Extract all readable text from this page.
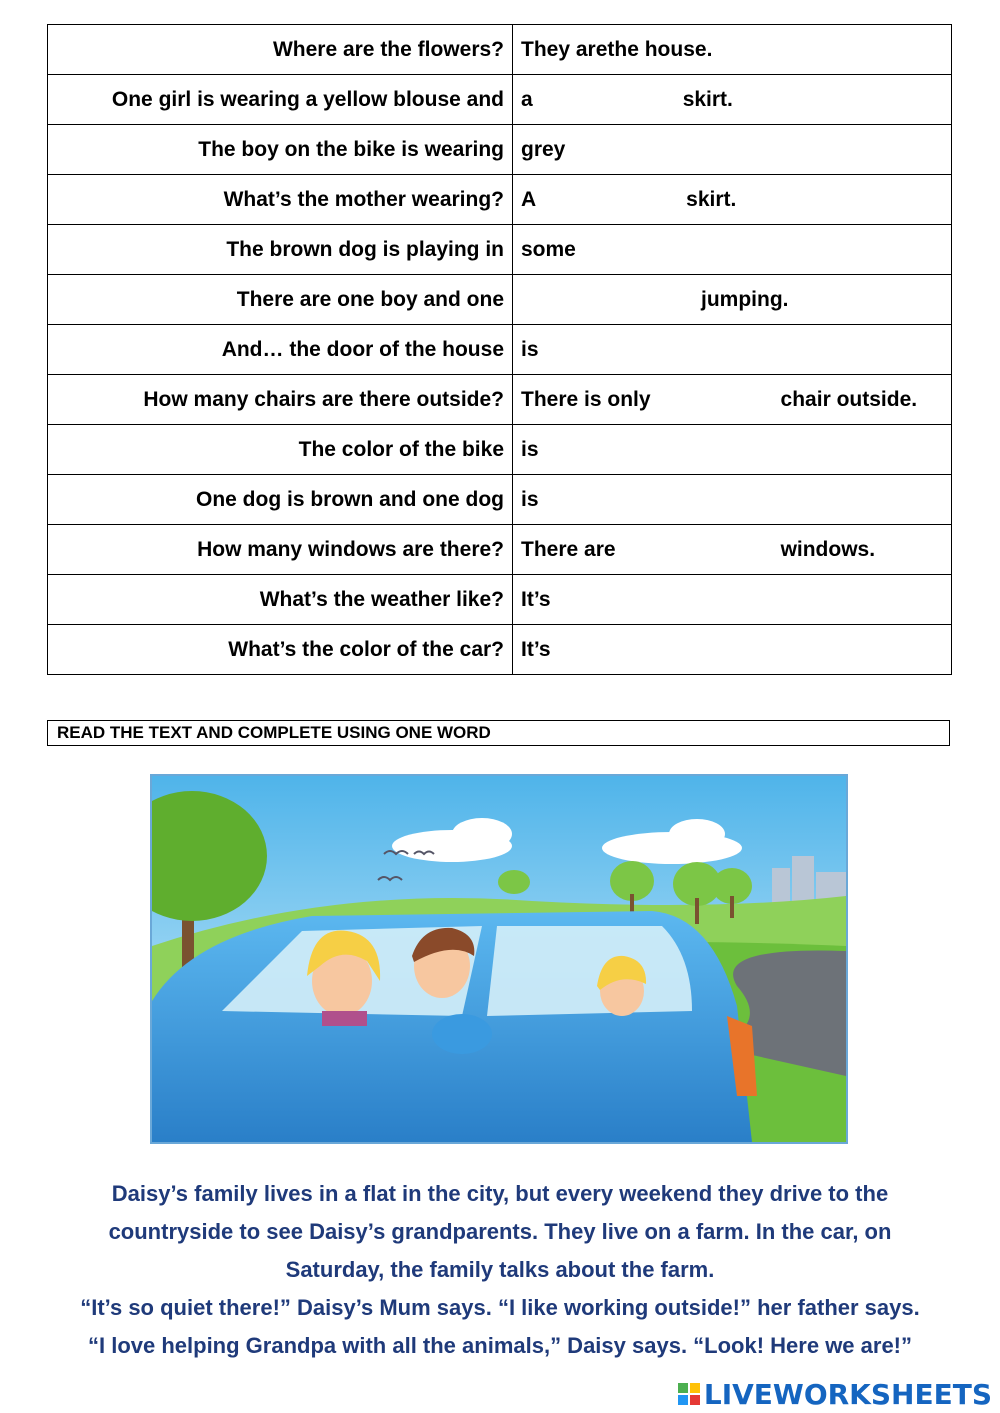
Where are the flowers?	They arethe house.
One girl is wearing a yellow blouse and	a skirt.
The boy on the bike is wearing	grey
What’s the mother wearing?	A skirt.
The brown dog is playing in	some
There are one boy and one	jumping.
And… the door of the house	is
How many chairs are there outside?	There is only chair outside.
The color of the bike	is
One dog is brown and one dog	is
How many windows are there?	There are windows.
What’s the weather like?	It’s
What’s the color of the car?	It’s
READ THE TEXT AND COMPLETE USING ONE WORD

Daisy’s family lives in a flat in the city, but every weekend they drive to the

countryside to see Daisy’s grandparents. They live on a farm. In the car, on

Saturday, the family talks about the farm.

“It’s so quiet there!” Daisy’s Mum says. “I like working outside!” her father says.

“I love helping Grandpa with all the animals,” Daisy says. “Look! Here we are!”

LIVEWORKSHEETS
